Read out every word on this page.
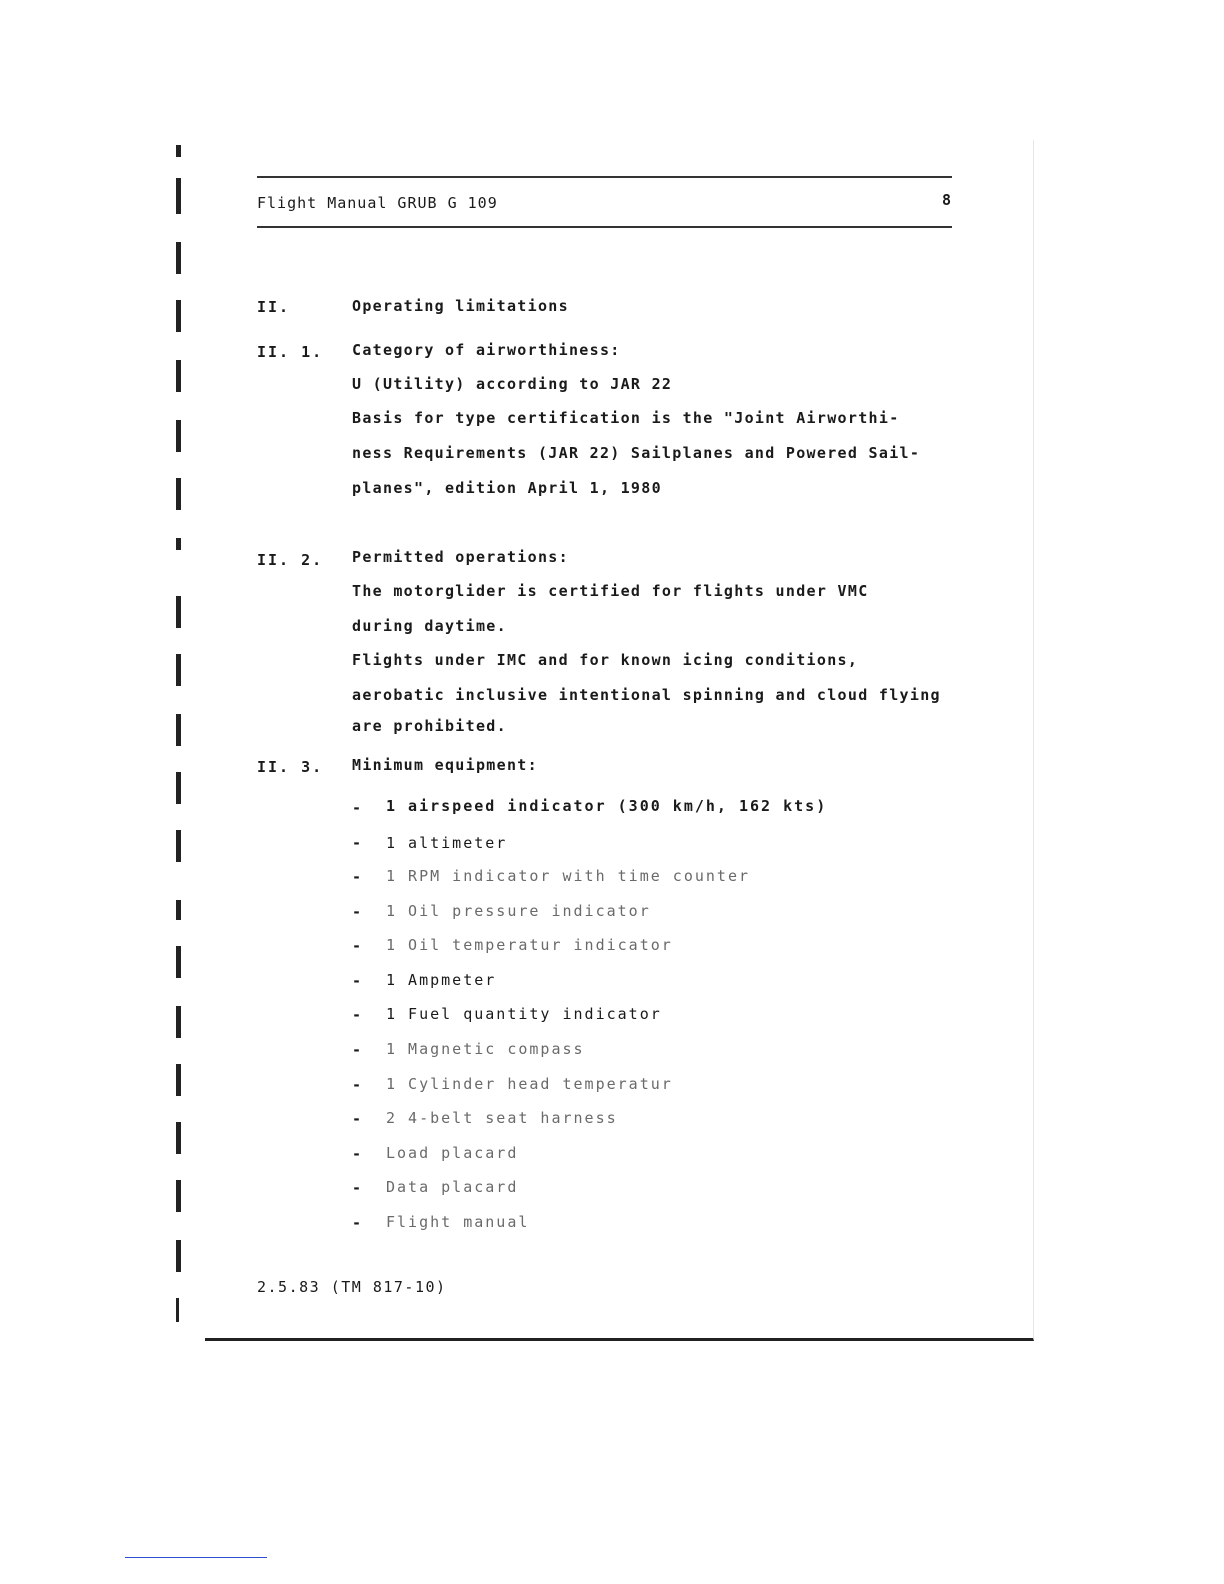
Flight Manual GRUB G 109	8
II.	Operating limitations
II. 1. Category of airworthiness:
U (Utility) according to JAR 22
Basis for type certification is the "Joint Airworthi-
ness Requirements (JAR 22) Sailplanes and Powered Sail-
planes", edition April 1, 1980
II. 2. Permitted operations:
The motorglider is certified for flights under VMC
during daytime.
Flights under IMC and for known icing conditions,
aerobatic inclusive intentional spinning and cloud flying
are prohibited.
II. 3. Minimum equipment:
- 1 airspeed indicator (300 km/h, 162 kts)
- 1 altimeter
- 1 RPM indicator with time counter
- 1 Oil pressure indicator
- 1 Oil temperatur indicator
- 1 Ampmeter
- 1 Fuel quantity indicator
- 1 Magnetic compass
- 1 Cylinder head temperatur
- 2 4-belt seat harness
- Load placard
- Data placard
- Flight manual
2.5.83 (TM 817-10)
